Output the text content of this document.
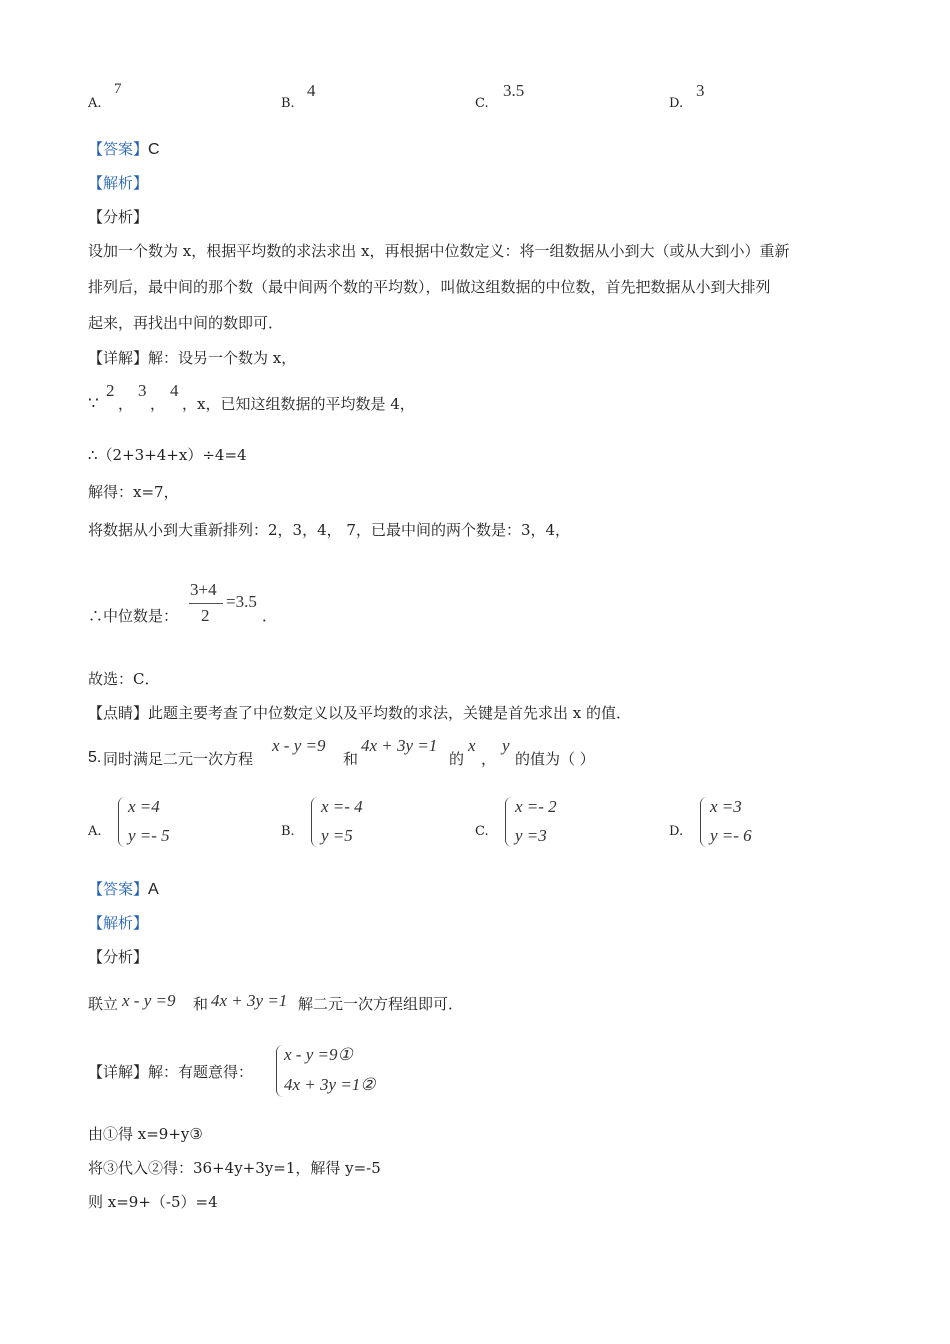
A.
7
B.
4
C.
3.5
D.
3
【答案】C
【解析】
【分析】
设加一个数为 x，根据平均数的求法求出 x，再根据中位数定义：将一组数据从小到大（或从大到小）重新
排列后，最中间的那个数（最中间两个数的平均数），叫做这组数据的中位数，首先把数据从小到大排列
起来，再找出中间的数即可．
【详解】解：设另一个数为 x，
∵
2
，
3
，
4
，x，已知这组数据的平均数是 4，
∴（2+3+4+x）÷4=4
解得：x=7，
将数据从小到大重新排列：2，3，4， 7，已最中间的两个数是：3，4，
∴中位数是：
3+4
2
=3.5
．
故选：C．
【点睛】此题主要考查了中位数定义以及平均数的求法，关键是首先求出 x 的值．
5. 同时满足二元一次方程
x - y =9
和
4x + 3y =1
的
x
，
y
的值为（ ）
A.
x =4
y =- 5	B.
x =- 4
y =5	C.
x =- 2
y =3	D.
x =3
y =- 6
【答案】A
【解析】
【分析】
联立 x - y =9 和 4x + 3y =1 解二元一次方程组即可．
【详解】 解：有题意得：
x - y =9①
4x + 3y =1②
由①得 x=9+y③
将③代入②得：36+4y+3y=1，解得 y=-5
则 x=9+（-5）=4
